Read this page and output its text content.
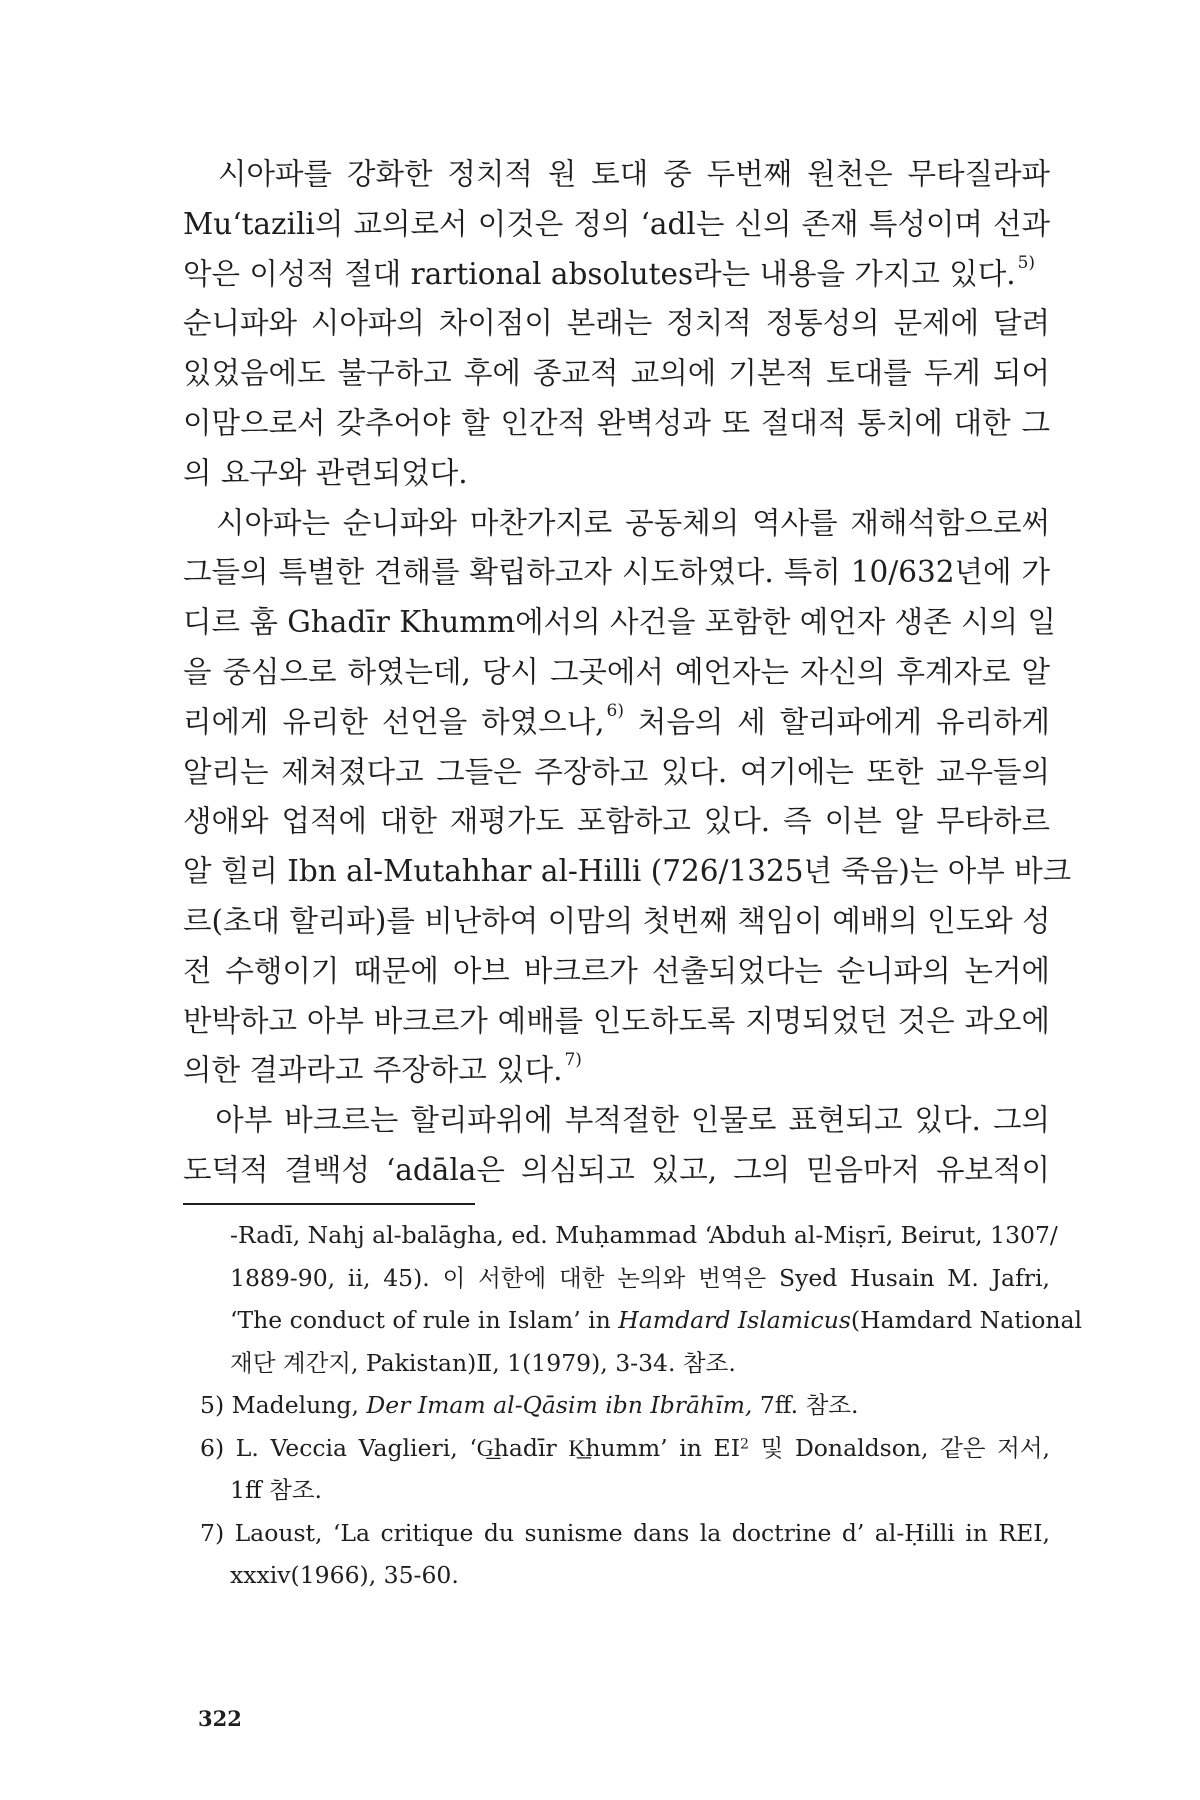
　시아파를 강화한 정치적 원 토대 중 두번째 원천은 무타질라파
Mu‘tazili의 교의로서 이것은 정의 ‘adl는 신의 존재 특성이며 선과
악은 이성적 절대 rartional absolutes라는 내용을 가지고 있다. $^{5)}$
순니파와 시아파의 차이점이 본래는 정치적 정통성의 문제에 달려
있었음에도 불구하고 후에 종교적 교의에 기본적 토대를 두게 되어
이맘으로서 갖추어야 할 인간적 완벽성과 또 절대적 통치에 대한 그
의 요구와 관련되었다.
　시아파는 순니파와 마찬가지로 공동체의 역사를 재해석함으로써
그들의 특별한 견해를 확립하고자 시도하였다. 특히 10/632년에 가
디르 훔 Ghadīr Khumm에서의 사건을 포함한 예언자 생존 시의 일
을 중심으로 하였는데, 당시 그곳에서 예언자는 자신의 후계자로 알
리에게 유리한 선언을 하였으나, $^{6)}$ 처음의 세 할리파에게 유리하게
알리는 제쳐졌다고 그들은 주장하고 있다. 여기에는 또한 교우들의
생애와 업적에 대한 재평가도 포함하고 있다. 즉 이븐 알 무타하르
알 힐리 Ibn al-Mutahhar al-Hilli (726/1325년 죽음)는 아부 바크
르(초대 할리파)를 비난하여 이맘의 첫번째 책임이 예배의 인도와 성
전 수행이기 때문에 아브 바크르가 선출되었다는 순니파의 논거에
반박하고 아부 바크르가 예배를 인도하도록 지명되었던 것은 과오에
의한 결과라고 주장하고 있다. $^{7)}$
　아부 바크르는 할리파위에 부적절한 인물로 표현되고 있다. 그의
도덕적 결백성 ‘adāla은 의심되고 있고, 그의 믿음마저 유보적이
-Radī, Nahj al-balāgha, ed. Muḥammad ‘Abduh al-Miṣrī, Beirut, 1307/
1889-90, ii, 45). 이 서한에 대한 논의와 번역은 Syed Husain M. Jafri,
‘The conduct of rule in Islam’ in Hamdard Islamicus(Hamdard National
재단 계간지, Pakistan)Ⅱ, 1(1979), 3-34. 참조.
5) Madelung, Der Imam al-Qāsim ibn Ibrāhīm, 7ff. 참조.
6) L. Veccia Vaglieri, ‘G͟hadīr K͟humm’ in $EI^2$ 및 Donaldson, 같은 저서,
1ff 참조.
7) Laoust, ‘La critique du sunisme dans la doctrine d’ al-Ḥilli in REI,
xxxiv(1966), 35-60.
322
